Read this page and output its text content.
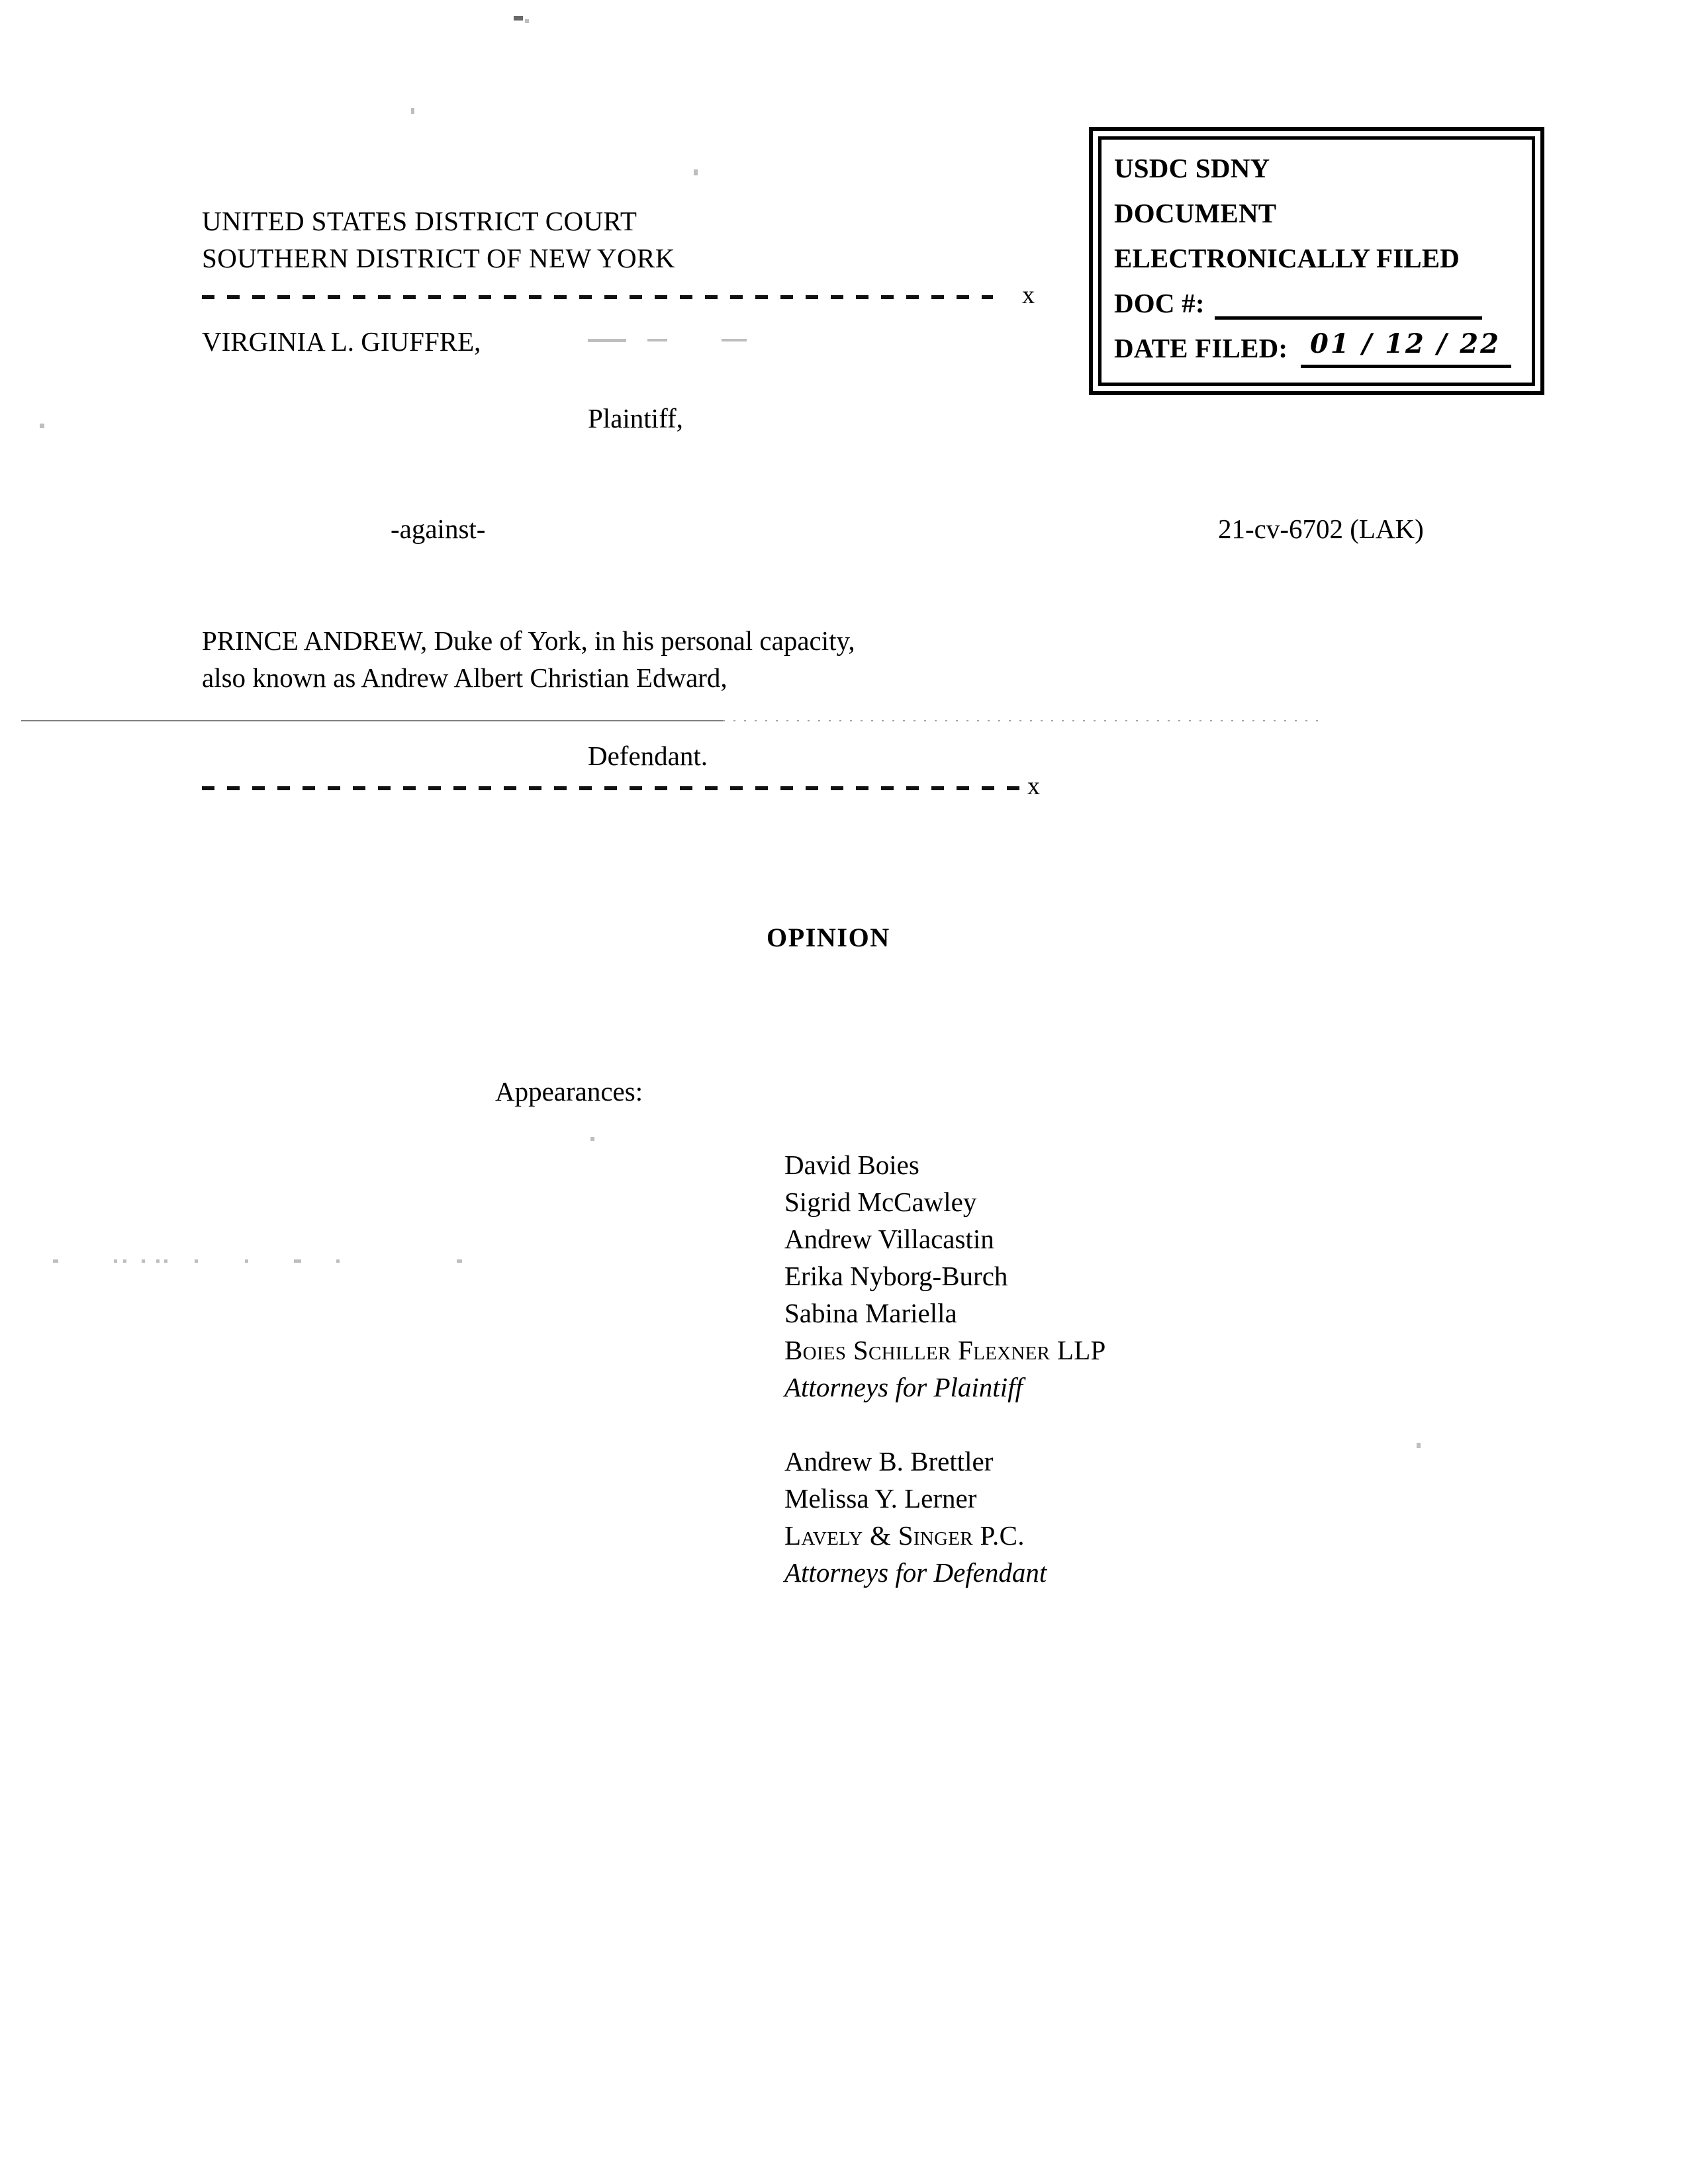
UNITED STATES DISTRICT COURT
SOUTHERN DISTRICT OF NEW YORK
x
VIRGINIA L. GIUFFRE,
Plaintiff,
-against-	21-cv-6702 (LAK)
PRINCE ANDREW, Duke of York, in his personal capacity,
also known as Andrew Albert Christian Edward,
Defendant.
x
USDC SDNY
DOCUMENT
ELECTRONICALLY FILED
DOC #:
DATE FILED: 01 / 12 / 22
OPINION
Appearances:
David Boies
Sigrid McCawley
Andrew Villacastin
Erika Nyborg-Burch
Sabina Mariella
Boies Schiller Flexner LLP
Attorneys for Plaintiff
Andrew B. Brettler
Melissa Y. Lerner
Lavely & Singer P.C.
Attorneys for Defendant
